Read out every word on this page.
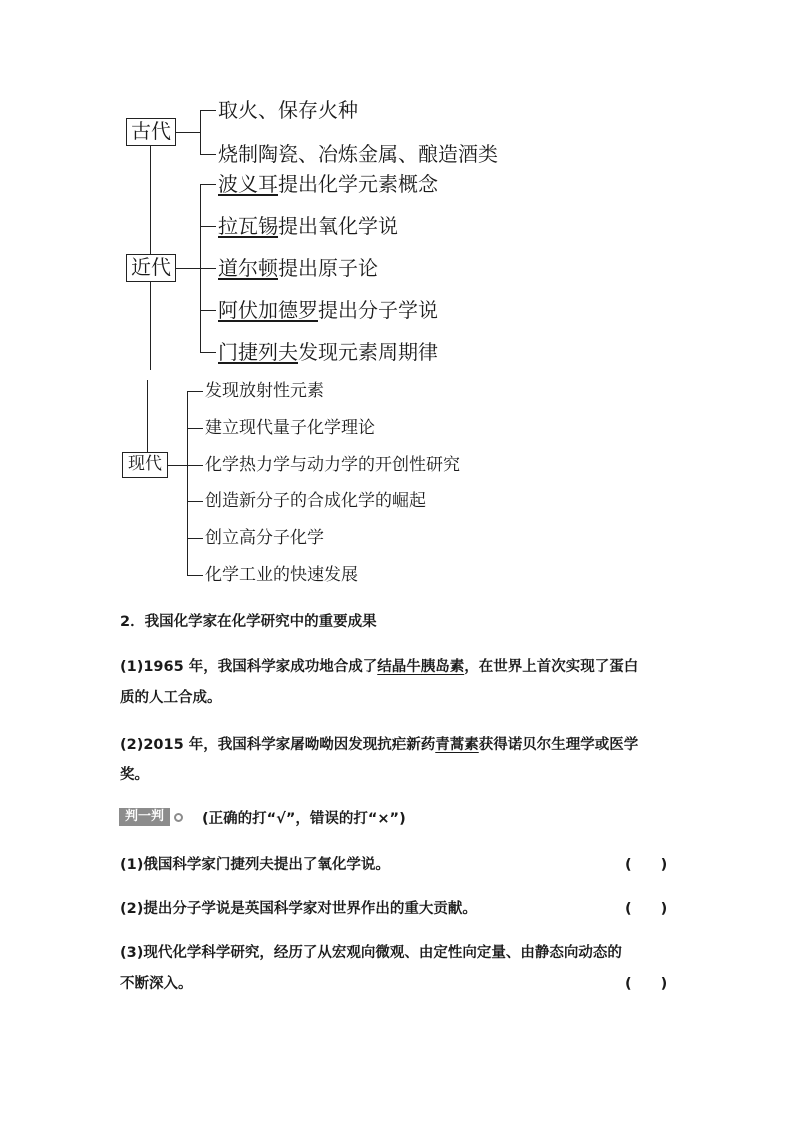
古代
取火、保存火种
烧制陶瓷、冶炼金属、酿造酒类
近代
波义耳提出化学元素概念
拉瓦锡提出氧化学说
道尔顿提出原子论
阿伏加德罗提出分子学说
门捷列夫发现元素周期律
现代
发现放射性元素
建立现代量子化学理论
化学热力学与动力学的开创性研究
创造新分子的合成化学的崛起
创立高分子化学
化学工业的快速发展
2．我国化学家在化学研究中的重要成果
(1)1965 年，我国科学家成功地合成了结晶牛胰岛素，在世界上首次实现了蛋白
质的人工合成。
(2)2015 年，我国科学家屠呦呦因发现抗疟新药青蒿素获得诺贝尔生理学或医学
奖。
判一判	(正确的打“√”，错误的打“×”)
(1)俄国科学家门捷列夫提出了氧化学说。	(　　)
(2)提出分子学说是英国科学家对世界作出的重大贡献。	(　　)
(3)现代化学科学研究，经历了从宏观向微观、由定性向定量、由静态向动态的
不断深入。	(　　)
